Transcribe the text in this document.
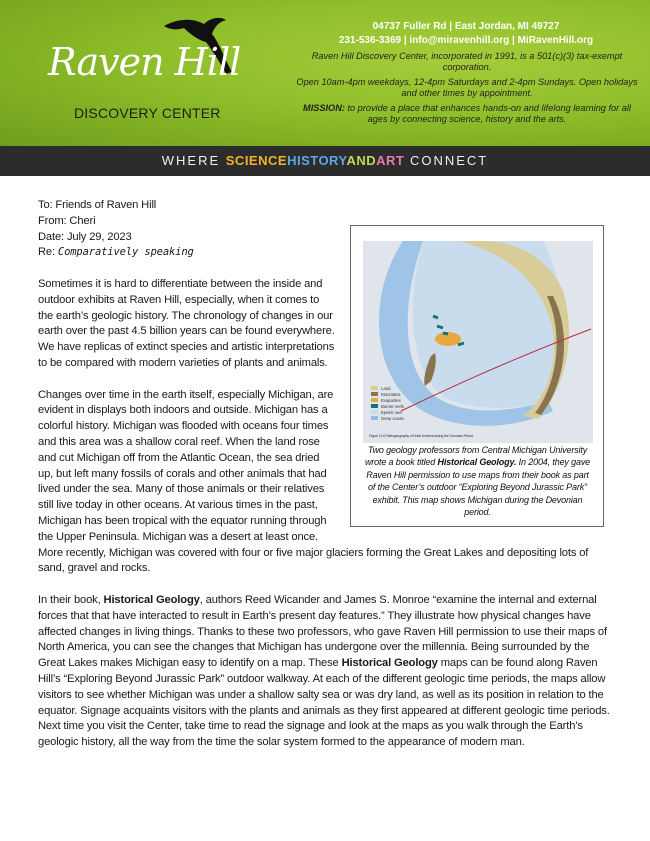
Raven Hill
DISCOVERY CENTER
04737 Fuller Rd | East Jordan, MI 49727
231-536-3369 | info@miravenhill.org | MiRavenHill.org

Raven Hill Discovery Center, incorporated in 1991, is a 501(c)(3) tax-exempt corporation.

Open 10am-4pm weekdays, 12-4pm Saturdays and 2-4pm Sundays. Open holidays and other times by appointment.

MISSION: to provide a place that enhances hands-on and lifelong learning for all ages by connecting science, history and the arts.

WHERE SCIENCEHISTORYANDART CONNECT
Land
Mountains
Evaporites
Barrier reefs
Epeiric sea
Deep ocean
Figure 11.6 Paleogeography of North America during the Devonian Period.
Two geology professors from Central Michigan University wrote a book titled Historical Geology. In 2004, they gave Raven Hill permission to use maps from their book as part of the Center’s outdoor “Exploring Beyond Jurassic Park” exhibit. This map shows Michigan during the Devonian period.
To: Friends of Raven Hill
From: Cheri
Date: July 29, 2023
Re: Comparatively speaking

Sometimes it is hard to differentiate between the inside and outdoor exhibits at Raven Hill, especially, when it comes to the earth’s geologic history. The chronology of changes in our earth over the past 4.5 billion years can be found everywhere. We have replicas of extinct species and artistic interpretations to be compared with modern varieties of plants and animals.

Changes over time in the earth itself, especially Michigan, are evident in displays both indoors and outside. Michigan has a colorful history. Michigan was flooded with oceans four times and this area was a shallow coral reef. When the land rose and cut Michigan off from the Atlantic Ocean, the sea dried up, but left many fossils of corals and other animals that had lived under the sea. Many of those animals or their relatives still live today in other oceans. At various times in the past, Michigan has been tropical with the equator running through the Upper Peninsula. Michigan was a desert at least once. More recently, Michigan was covered with four or five major glaciers forming the Great Lakes and depositing lots of sand, gravel and rocks.

In their book, Historical Geology, authors Reed Wicander and James S. Monroe “examine the internal and external forces that that have interacted to result in Earth’s present day features.” They illustrate how physical changes have affected changes in living things. Thanks to these two professors, who gave Raven Hill permission to use their maps of North America, you can see the changes that Michigan has undergone over the millennia. Being surrounded by the Great Lakes makes Michigan easy to identify on a map. These Historical Geology maps can be found along Raven Hill’s “Exploring Beyond Jurassic Park” outdoor walkway. At each of the different geologic time periods, the maps allow visitors to see whether Michigan was under a shallow salty sea or was dry land, as well as its position in relation to the equator. Signage acquaints visitors with the plants and animals as they first appeared at different geologic time periods. Next time you visit the Center, take time to read the signage and look at the maps as you walk through the Earth’s geologic history, all the way from the time the solar system formed to the appearance of modern man.
